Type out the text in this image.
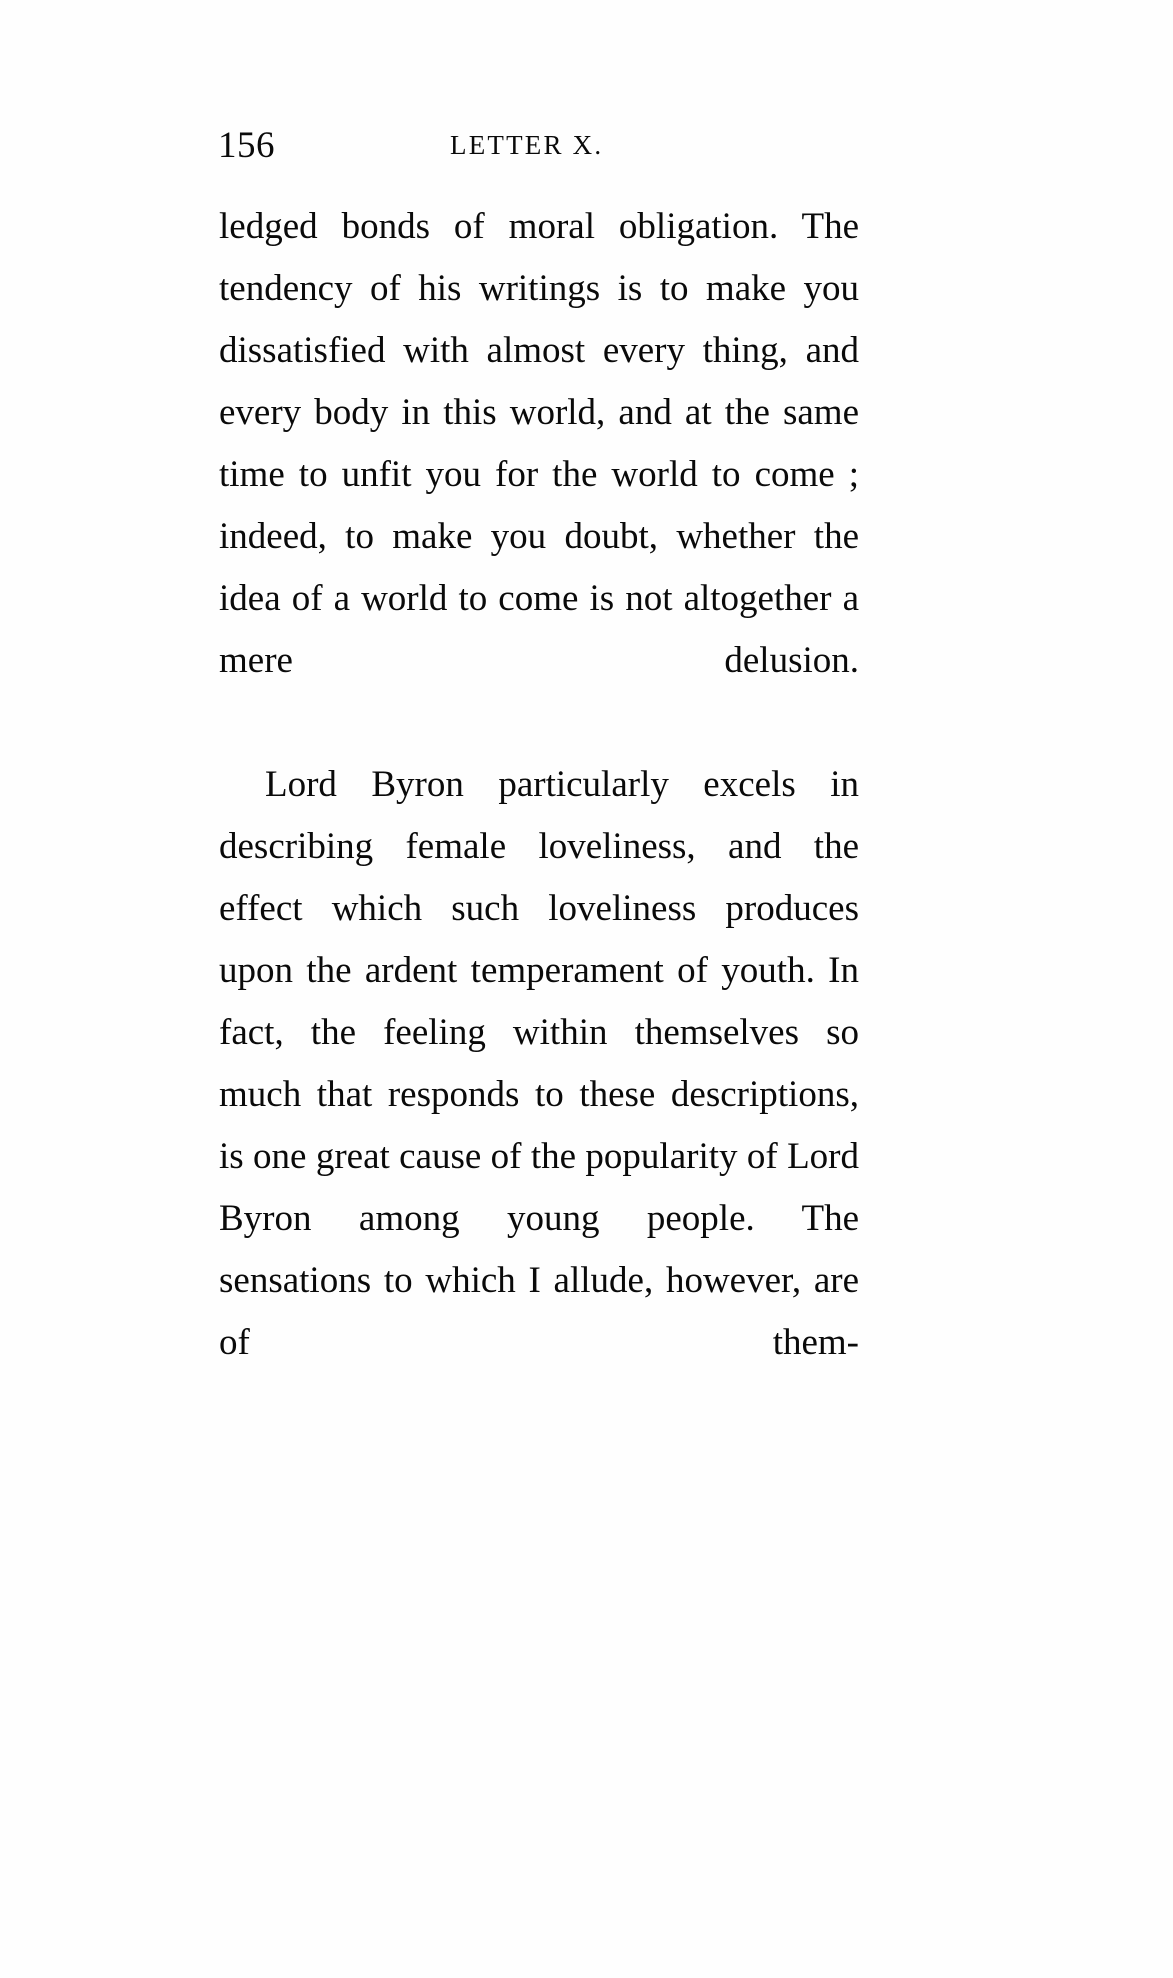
156	LETTER X.

ledged bonds of moral obligation. The tendency of his writings is to make you dissatisfied with almost every thing, and every body in this world, and at the same time to unfit you for the world to come ; indeed, to make you doubt, whether the idea of a world to come is not altogether a mere delusion.

Lord Byron particularly excels in describing female loveliness, and the effect which such loveliness produces upon the ardent temperament of youth. In fact, the feeling within themselves so much that responds to these descriptions, is one great cause of the popularity of Lord Byron among young people. The sensations to which I allude, however, are of them-
